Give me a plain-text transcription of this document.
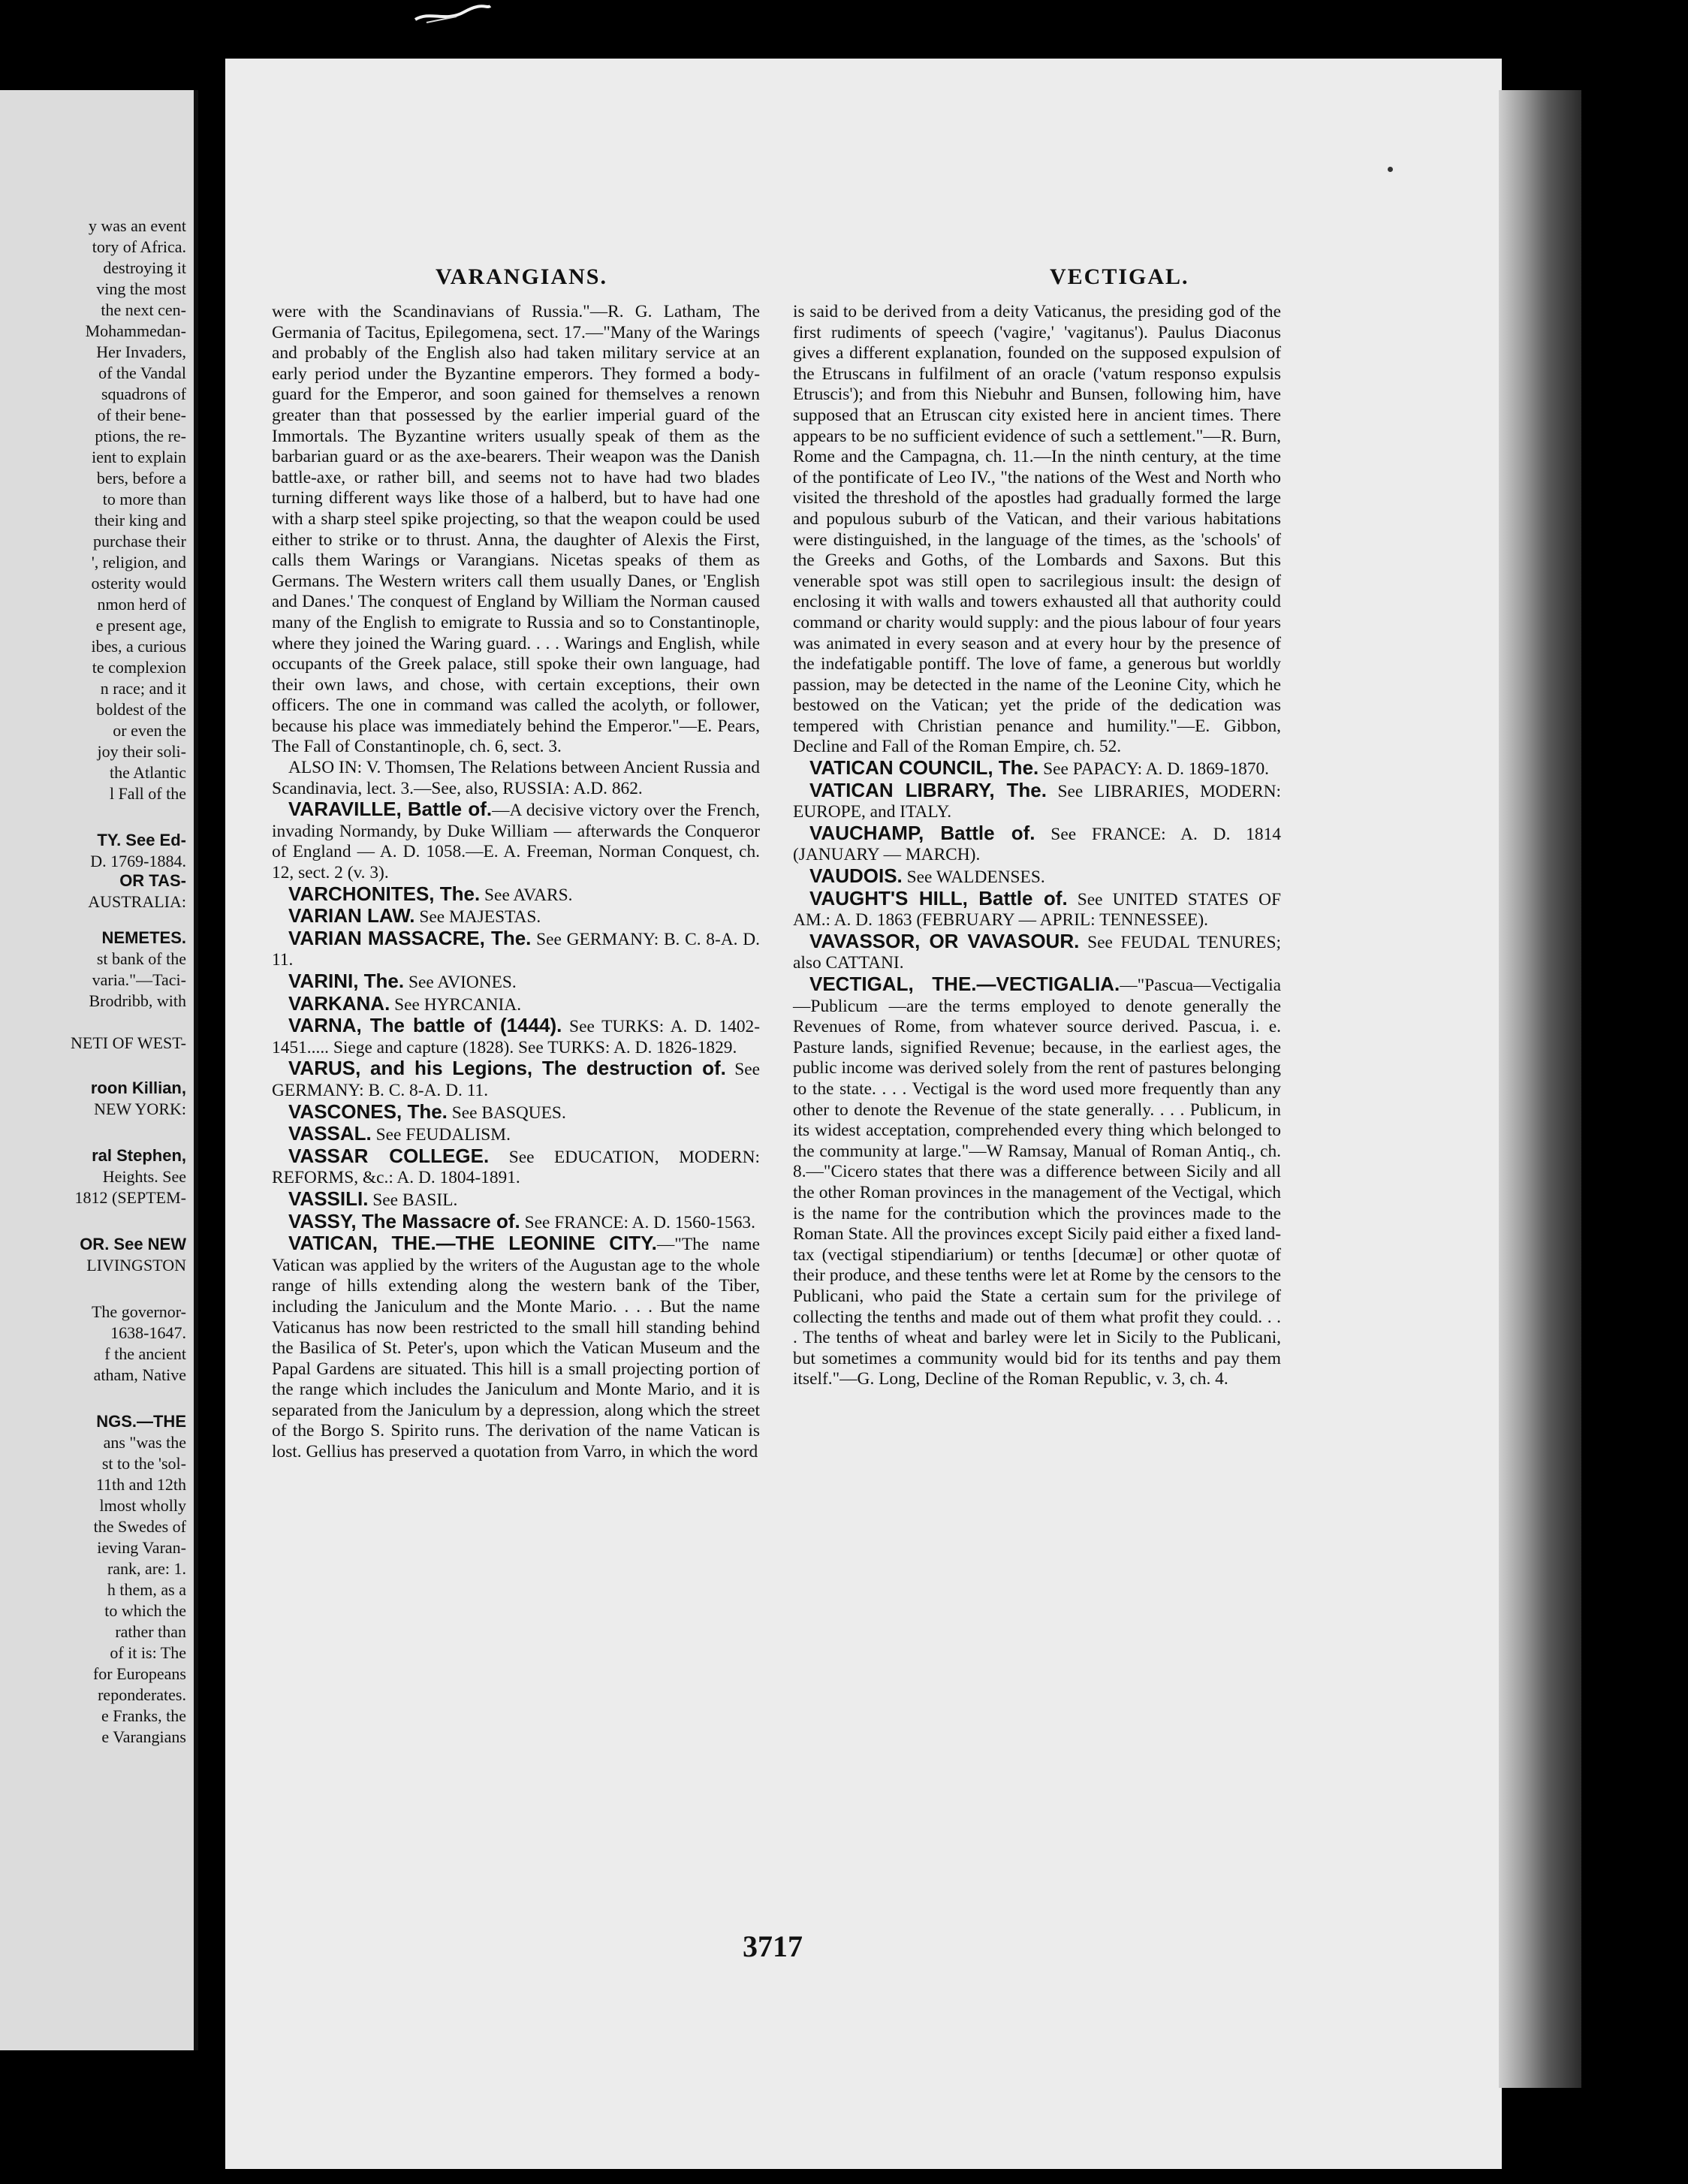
y was an event
tory of Africa.
destroying it
ving the most
the next cen-
Mohammedan-
Her Invaders,
of the Vandal
squadrons of
of their bene-
ptions, the re-
ient to explain
bers, before a
to more than
their king and
purchase their
', religion, and
osterity would
nmon herd of
e present age,
ibes, a curious
te complexion
n race; and it
boldest of the
or even the
joy their soli-
the Atlantic
l Fall of the
TY. See Ed-
D. 1769-1884.
OR TAS-
AUSTRALIA:
NEMETES.
st bank of the
varia."—Taci-
Brodribb, with
NETI OF WEST-
roon Killian,
NEW YORK:
ral Stephen,
Heights. See
1812 (SEPTEM-
OR. See NEW
LIVINGSTON
The governor-
1638-1647.
f the ancient
atham, Native
NGS.—THE
ans "was the
st to the 'sol-
11th and 12th
lmost wholly
the Swedes of
ieving Varan-
rank, are: 1.
h them, as a
to which the
rather than
of it is: The
for Europeans
reponderates.
e Franks, the
e Varangians
VARANGIANS.	VECTIGAL.

were with the Scandinavians of Russia."—R. G. Latham, The Germania of Tacitus, Epilegomena, sect. 17.—"Many of the Warings and probably of the English also had taken military service at an early period under the Byzantine emperors. They formed a body-guard for the Emperor, and soon gained for themselves a renown greater than that possessed by the earlier imperial guard of the Immortals. The Byzantine writers usually speak of them as the barbarian guard or as the axe-bearers. Their weapon was the Danish battle-axe, or rather bill, and seems not to have had two blades turning different ways like those of a halberd, but to have had one with a sharp steel spike projecting, so that the weapon could be used either to strike or to thrust. Anna, the daughter of Alexis the First, calls them Warings or Varangians. Nicetas speaks of them as Germans. The Western writers call them usually Danes, or 'English and Danes.' The conquest of England by William the Norman caused many of the English to emigrate to Russia and so to Constantinople, where they joined the Waring guard. . . . Warings and English, while occupants of the Greek palace, still spoke their own language, had their own laws, and chose, with certain exceptions, their own officers. The one in command was called the acolyth, or follower, because his place was immediately behind the Emperor."—E. Pears, The Fall of Constantinople, ch. 6, sect. 3.

ALSO IN: V. Thomsen, The Relations between Ancient Russia and Scandinavia, lect. 3.—See, also, RUSSIA: A.D. 862.

VARAVILLE, Battle of.—A decisive victory over the French, invading Normandy, by Duke William — afterwards the Conqueror of England — A. D. 1058.—E. A. Freeman, Norman Conquest, ch. 12, sect. 2 (v. 3).

VARCHONITES, The. See AVARS.

VARIAN LAW. See MAJESTAS.

VARIAN MASSACRE, The. See GERMANY: B. C. 8-A. D. 11.

VARINI, The. See AVIONES.

VARKANA. See HYRCANIA.

VARNA, The battle of (1444). See TURKS: A. D. 1402-1451..... Siege and capture (1828). See TURKS: A. D. 1826-1829.

VARUS, and his Legions, The destruction of. See GERMANY: B. C. 8-A. D. 11.

VASCONES, The. See BASQUES.

VASSAL. See FEUDALISM.

VASSAR COLLEGE. See EDUCATION, MODERN: REFORMS, &c.: A. D. 1804-1891.

VASSILI. See BASIL.

VASSY, The Massacre of. See FRANCE: A. D. 1560-1563.

VATICAN, THE.—THE LEONINE CITY.—"The name Vatican was applied by the writers of the Augustan age to the whole range of hills extending along the western bank of the Tiber, including the Janiculum and the Monte Mario. . . . But the name Vaticanus has now been restricted to the small hill standing behind the Basilica of St. Peter's, upon which the Vatican Museum and the Papal Gardens are situated. This hill is a small projecting portion of the range which includes the Janiculum and Monte Mario, and it is separated from the Janiculum by a depression, along which the street of the Borgo S. Spirito runs. The derivation of the name Vatican is lost. Gellius has preserved a quotation from Varro, in which the word

is said to be derived from a deity Vaticanus, the presiding god of the first rudiments of speech ('vagire,' 'vagitanus'). Paulus Diaconus gives a different explanation, founded on the supposed expulsion of the Etruscans in fulfilment of an oracle ('vatum responso expulsis Etruscis'); and from this Niebuhr and Bunsen, following him, have supposed that an Etruscan city existed here in ancient times. There appears to be no sufficient evidence of such a settlement."—R. Burn, Rome and the Campagna, ch. 11.—In the ninth century, at the time of the pontificate of Leo IV., "the nations of the West and North who visited the threshold of the apostles had gradually formed the large and populous suburb of the Vatican, and their various habitations were distinguished, in the language of the times, as the 'schools' of the Greeks and Goths, of the Lombards and Saxons. But this venerable spot was still open to sacrilegious insult: the design of enclosing it with walls and towers exhausted all that authority could command or charity would supply: and the pious labour of four years was animated in every season and at every hour by the presence of the indefatigable pontiff. The love of fame, a generous but worldly passion, may be detected in the name of the Leonine City, which he bestowed on the Vatican; yet the pride of the dedication was tempered with Christian penance and humility."—E. Gibbon, Decline and Fall of the Roman Empire, ch. 52.

VATICAN COUNCIL, The. See PAPACY: A. D. 1869-1870.

VATICAN LIBRARY, The. See LIBRARIES, MODERN: EUROPE, and ITALY.

VAUCHAMP, Battle of. See FRANCE: A. D. 1814 (JANUARY — MARCH).

VAUDOIS. See WALDENSES.

VAUGHT'S HILL, Battle of. See UNITED STATES OF AM.: A. D. 1863 (FEBRUARY — APRIL: TENNESSEE).

VAVASSOR, OR VAVASOUR. See FEUDAL TENURES; also CATTANI.

VECTIGAL, THE.—VECTIGALIA.—"Pascua—Vectigalia—Publicum —are the terms employed to denote generally the Revenues of Rome, from whatever source derived. Pascua, i. e. Pasture lands, signified Revenue; because, in the earliest ages, the public income was derived solely from the rent of pastures belonging to the state. . . . Vectigal is the word used more frequently than any other to denote the Revenue of the state generally. . . . Publicum, in its widest acceptation, comprehended every thing which belonged to the community at large."—W Ramsay, Manual of Roman Antiq., ch. 8.—"Cicero states that there was a difference between Sicily and all the other Roman provinces in the management of the Vectigal, which is the name for the contribution which the provinces made to the Roman State. All the provinces except Sicily paid either a fixed land-tax (vectigal stipendiarium) or tenths [decumæ] or other quotæ of their produce, and these tenths were let at Rome by the censors to the Publicani, who paid the State a certain sum for the privilege of collecting the tenths and made out of them what profit they could. . . . The tenths of wheat and barley were let in Sicily to the Publicani, but sometimes a community would bid for its tenths and pay them itself."—G. Long, Decline of the Roman Republic, v. 3, ch. 4.

3717
